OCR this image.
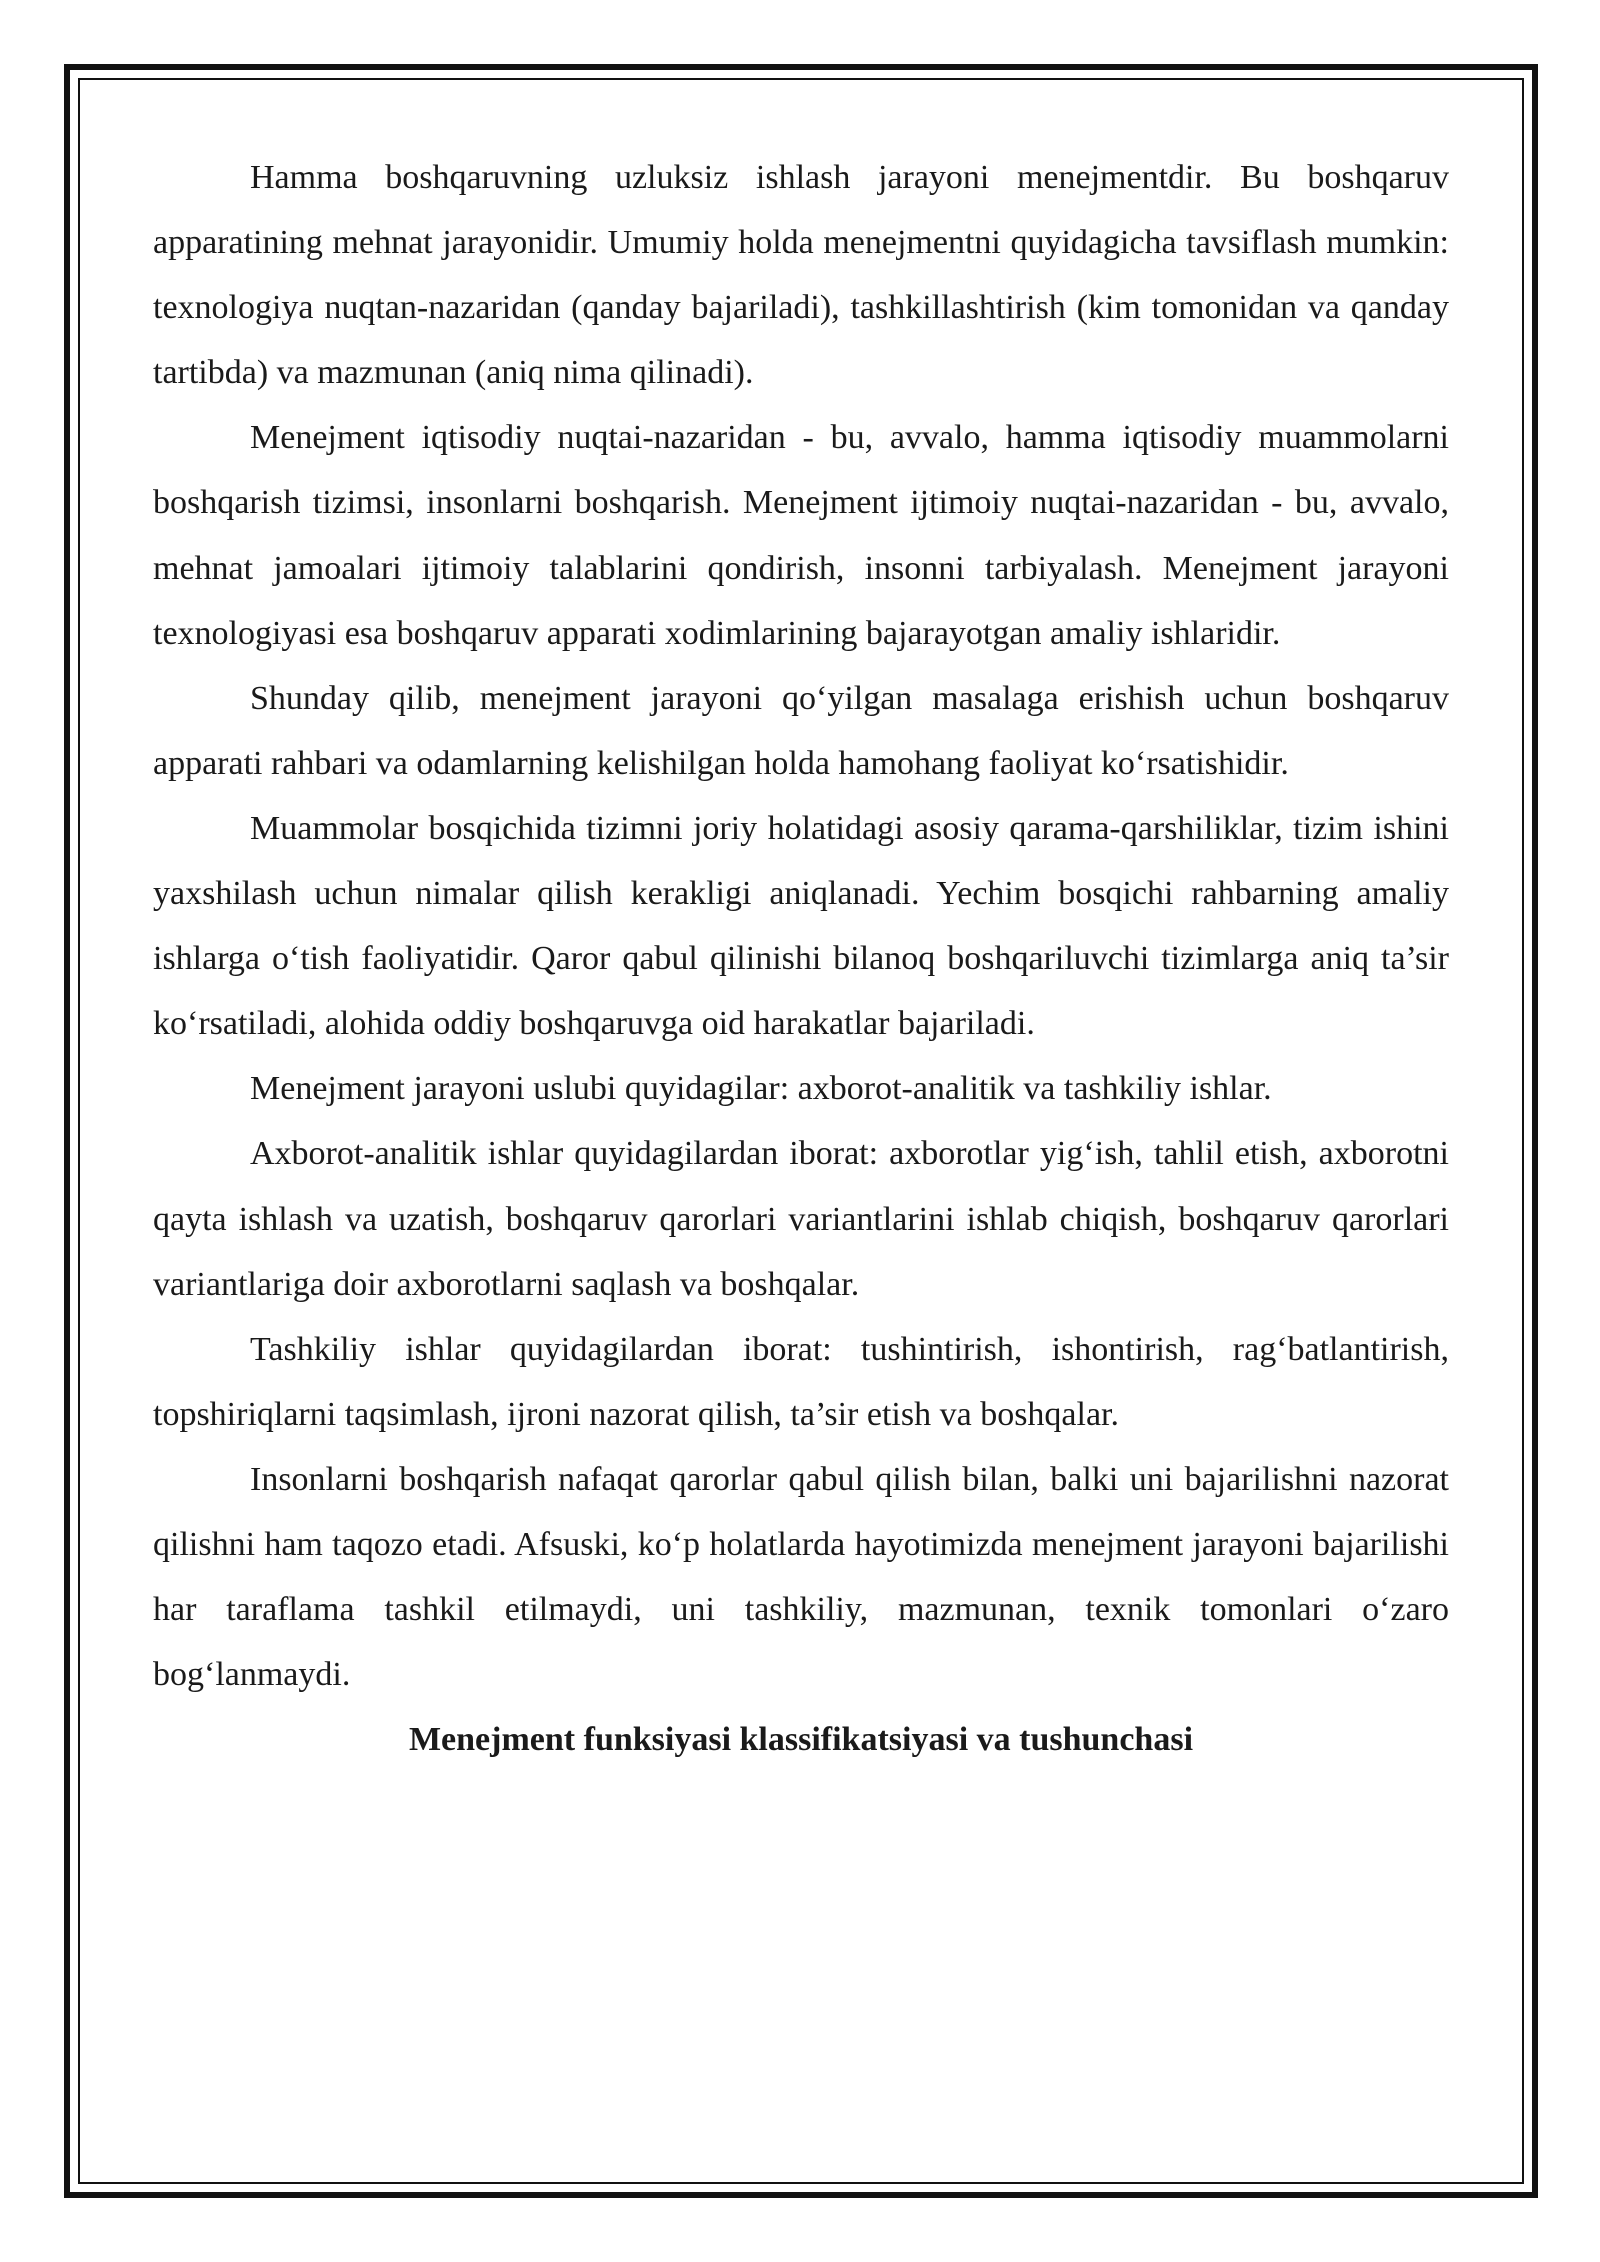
Hamma boshqaruvning uzluksiz ishlash jarayoni menejmentdir. Bu boshqaruv apparatining mehnat jarayonidir. Umumiy holda menejmentni quyidagicha tavsiflash mumkin: texnologiya nuqtan-nazaridan (qanday bajariladi), tashkillashtirish (kim tomonidan va qanday tartibda) va mazmunan (aniq nima qilinadi).

Menejment iqtisodiy nuqtai-nazaridan - bu, avvalo, hamma iqtisodiy muammolarni boshqarish tizimsi, insonlarni boshqarish. Menejment ijtimoiy nuqtai-nazaridan - bu, avvalo, mehnat jamoalari ijtimoiy talablarini qondirish, insonni tarbiyalash. Menejment jarayoni texnologiyasi esa boshqaruv apparati xodimlarining bajarayotgan amaliy ishlaridir.

Shunday qilib, menejment jarayoni qo‘yilgan masalaga erishish uchun boshqaruv apparati rahbari va odamlarning kelishilgan holda hamohang faoliyat ko‘rsatishidir.

Muammolar bosqichida tizimni joriy holatidagi asosiy qarama-qarshiliklar, tizim ishini yaxshilash uchun nimalar qilish kerakligi aniqlanadi. Yechim bosqichi rahbarning amaliy ishlarga o‘tish faoliyatidir. Qaror qabul qilinishi bilanoq boshqariluvchi tizimlarga aniq ta’sir ko‘rsatiladi, alohida oddiy boshqaruvga oid harakatlar bajariladi.

Menejment jarayoni uslubi quyidagilar: axborot-analitik va tashkiliy ishlar.

Axborot-analitik ishlar quyidagilardan iborat: axborotlar yig‘ish, tahlil etish, axborotni qayta ishlash va uzatish, boshqaruv qarorlari variantlarini ishlab chiqish, boshqaruv qarorlari variantlariga doir axborotlarni saqlash va boshqalar.

Tashkiliy ishlar quyidagilardan iborat: tushintirish, ishontirish, rag‘batlantirish, topshiriqlarni taqsimlash, ijroni nazorat qilish, ta’sir etish va boshqalar.

Insonlarni boshqarish nafaqat qarorlar qabul qilish bilan, balki uni bajarilishni nazorat qilishni ham taqozo etadi. Afsuski, ko‘p holatlarda hayotimizda menejment jarayoni bajarilishi har taraflama tashkil etilmaydi, uni tashkiliy, mazmunan, texnik tomonlari o‘zaro bog‘lanmaydi.

Menejment funksiyasi klassifikatsiyasi va tushunchasi
